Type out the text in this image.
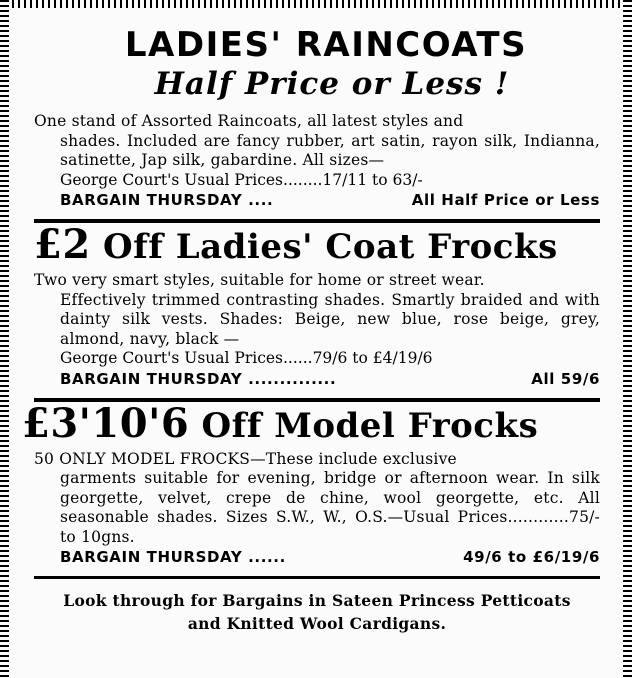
LADIES' RAINCOATS
Half Price or Less !

One stand of Assorted Raincoats, all latest styles and
shades. Included are fancy rubber, art satin, rayon silk, Indianna, satinette, Jap silk, gabardine. All sizes—

George Court's Usual Prices........17/11 to 63/-
BARGAIN THURSDAY ....	All Half Price or Less
£2 Off Ladies' Coat Frocks

Two very smart styles, suitable for home or street wear.
Effectively trimmed contrasting shades. Smartly braided and with dainty silk vests. Shades: Beige, new blue, rose beige, grey, almond, navy, black —

George Court's Usual Prices......79/6 to £4/19/6
BARGAIN THURSDAY ..............	All 59/6
£3'10'6 Off Model Frocks

50 ONLY MODEL FROCKS—These include exclusive
garments suitable for evening, bridge or afternoon wear. In silk georgette, velvet, crepe de chine, wool georgette, etc. All seasonable shades. Sizes S.W., W., O.S.—Usual Prices............75/- to 10gns.

BARGAIN THURSDAY ......	49/6 to £6/19/6
Look through for Bargains in Sateen Princess Petticoats
and Knitted Wool Cardigans.
